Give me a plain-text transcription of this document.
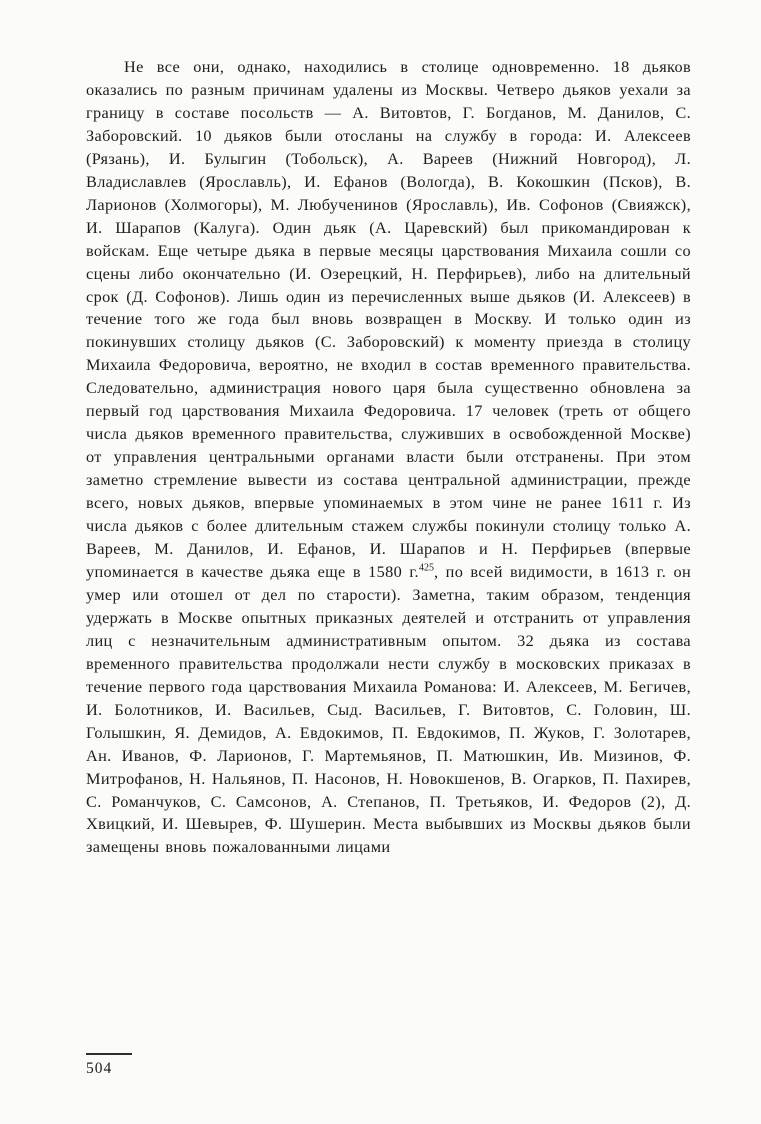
Не все они, однако, находились в столице одновременно. 18 дьяков оказались по разным причинам удалены из Москвы. Четверо дьяков уехали за границу в составе посольств — А. Витовтов, Г. Богданов, М. Данилов, С. Заборовский. 10 дьяков были отосланы на службу в города: И. Алексеев (Рязань), И. Булыгин (Тобольск), А. Вареев (Нижний Новгород), Л. Владиславлев (Ярославль), И. Ефанов (Вологда), В. Кокошкин (Псков), В. Ларионов (Холмогоры), М. Любученинов (Ярославль), Ив. Софонов (Свияжск), И. Шарапов (Калуга). Один дьяк (А. Царевский) был прикомандирован к войскам. Еще четыре дьяка в первые месяцы царствования Михаила сошли со сцены либо окончательно (И. Озерецкий, Н. Перфирьев), либо на длительный срок (Д. Софонов). Лишь один из перечисленных выше дьяков (И. Алексеев) в течение того же года был вновь возвращен в Москву. И только один из покинувших столицу дьяков (С. Заборовский) к моменту приезда в столицу Михаила Федоровича, вероятно, не входил в состав временного правительства. Следовательно, администрация нового царя была существенно обновлена за первый год царствования Михаила Федоровича. 17 человек (треть от общего числа дьяков временного правительства, служивших в освобожденной Москве) от управления центральными органами власти были отстранены. При этом заметно стремление вывести из состава центральной администрации, прежде всего, новых дьяков, впервые упоминаемых в этом чине не ранее 1611 г. Из числа дьяков с более длительным стажем службы покинули столицу только А. Вареев, М. Данилов, И. Ефанов, И. Шарапов и Н. Перфирьев (впервые упоминается в качестве дьяка еще в 1580 г.$^{425}$, по всей видимости, в 1613 г. он умер или отошел от дел по старости). Заметна, таким образом, тенденция удержать в Москве опытных приказных деятелей и отстранить от управления лиц с незначительным административным опытом. 32 дьяка из состава временного правительства продолжали нести службу в московских приказах в течение первого года царствования Михаила Романова: И. Алексеев, М. Бегичев, И. Болотников, И. Васильев, Сыд. Васильев, Г. Витовтов, С. Головин, Ш. Голышкин, Я. Демидов, А. Евдокимов, П. Евдокимов, П. Жуков, Г. Золотарев, Ан. Иванов, Ф. Ларионов, Г. Мартемьянов, П. Матюшкин, Ив. Мизинов, Ф. Митрофанов, Н. Нальянов, П. Насонов, Н. Новокшенов, В. Огарков, П. Пахирев, С. Романчуков, С. Самсонов, А. Степанов, П. Третьяков, И. Федоров (2), Д. Хвицкий, И. Шевырев, Ф. Шушерин. Места выбывших из Москвы дьяков были замещены вновь пожалованными лицами

504
